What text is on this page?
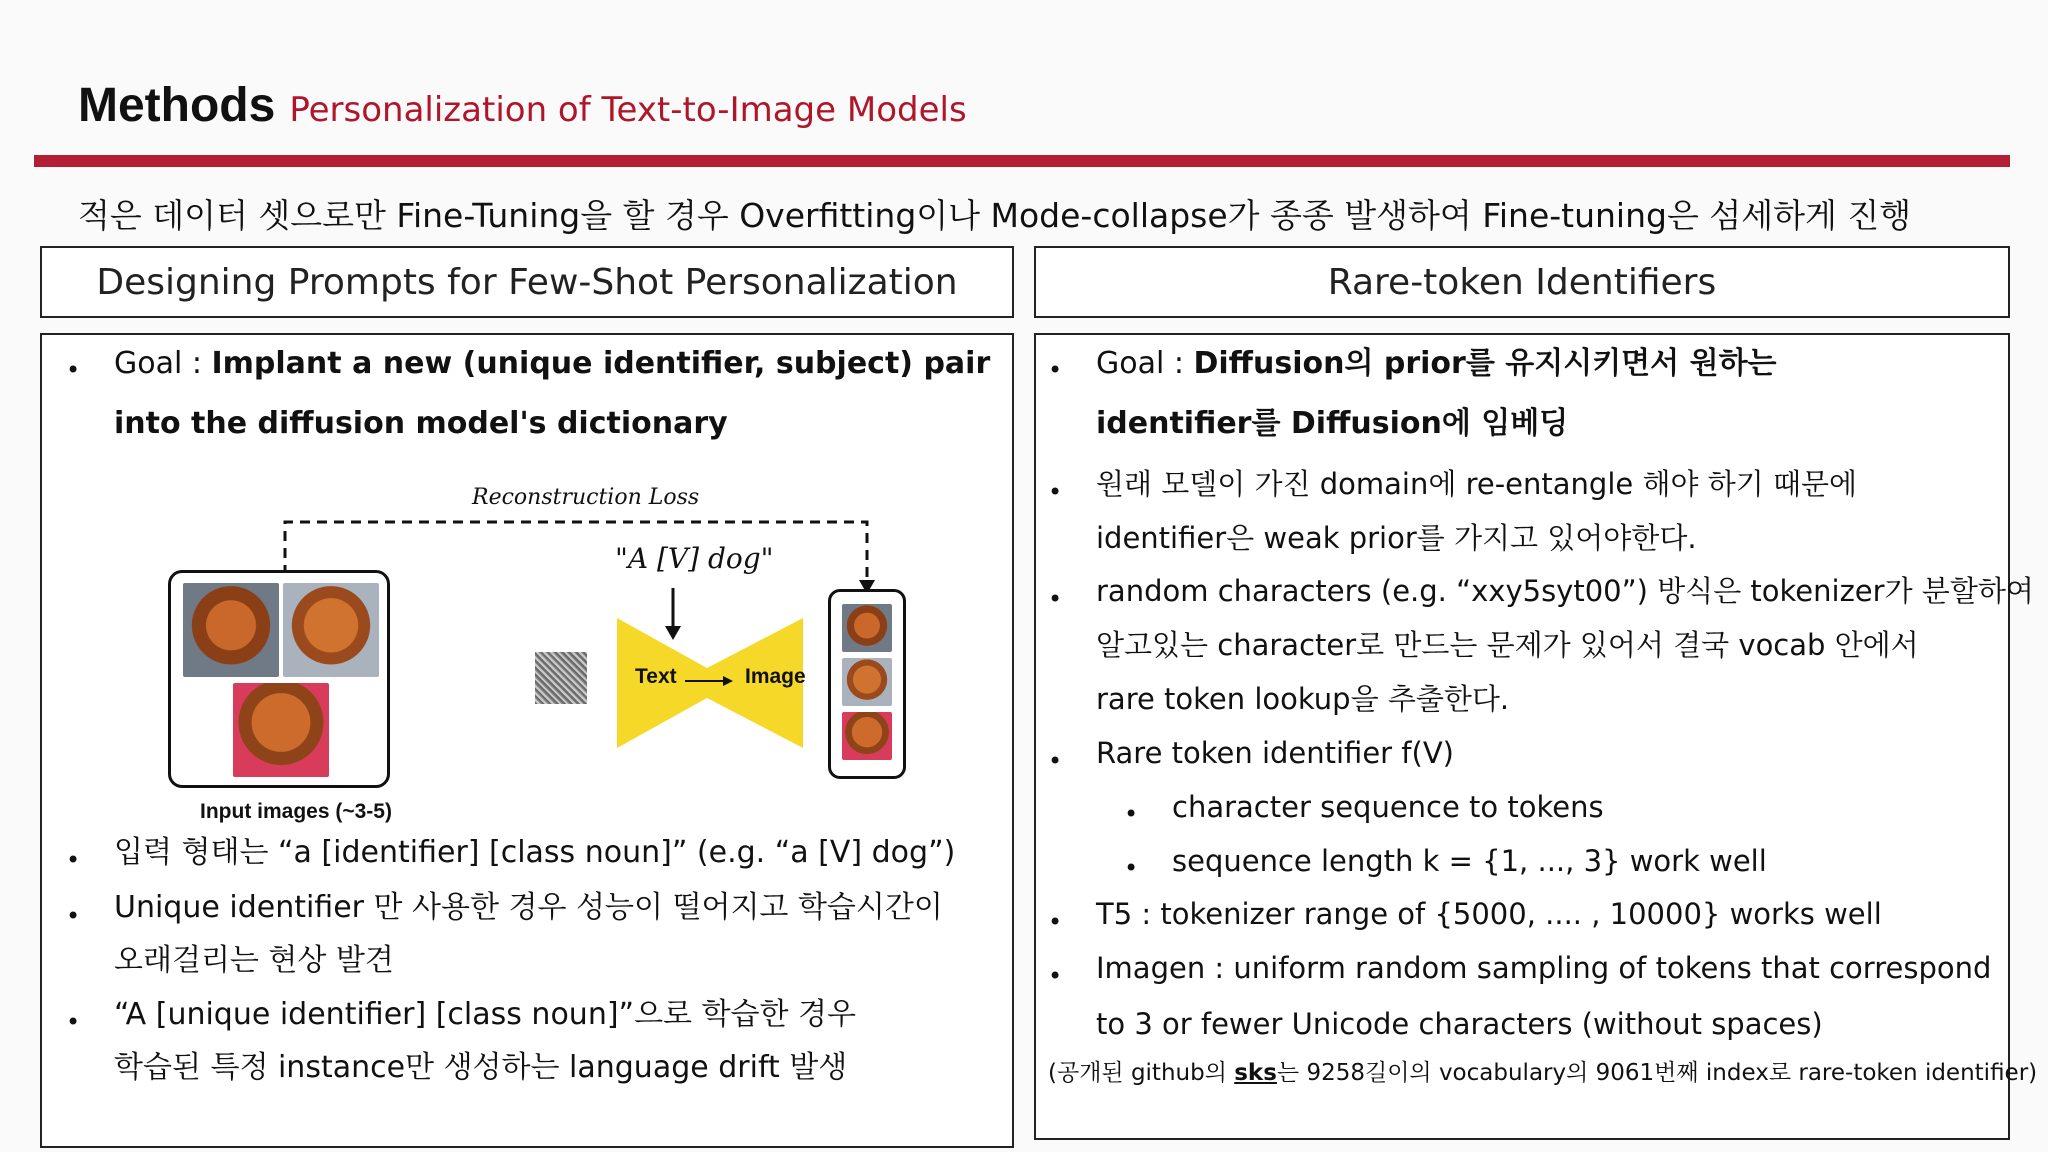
Methods Personalization of Text-to-Image Models
적은 데이터 셋으로만 Fine-Tuning을 할 경우 Overfitting이나 Mode-collapse가 종종 발생하여 Fine-tuning은 섬세하게 진행
Designing Prompts for Few-Shot Personalization	Rare-token Identifiers
• Goal : Implant a new (unique identifier, subject) pair
into the diffusion model's dictionary
Reconstruction Loss
"A [V] dog"
Input images (~3-5)
Text	Image
• 입력 형태는 “a [identifier] [class noun]” (e.g. “a [V] dog”)
• Unique identifier 만 사용한 경우 성능이 떨어지고 학습시간이
오래걸리는 현상 발견
• “A [unique identifier] [class noun]”으로 학습한 경우
학습된 특정 instance만 생성하는 language drift 발생
• Goal : Diffusion의 prior를 유지시키면서 원하는
identifier를 Diffusion에 임베딩
• 원래 모델이 가진 domain에 re-entangle 해야 하기 때문에
identifier은 weak prior를 가지고 있어야한다.
• random characters (e.g. “xxy5syt00”) 방식은 tokenizer가 분할하여
알고있는 character로 만드는 문제가 있어서 결국 vocab 안에서
rare token lookup을 추출한다.
• Rare token identifier f(V)
• character sequence to tokens
• sequence length k = {1, ..., 3} work well
• T5 : tokenizer range of {5000, .... , 10000} works well
• Imagen : uniform random sampling of tokens that correspond
to 3 or fewer Unicode characters (without spaces)
(공개된 github의 sks는 9258길이의 vocabulary의 9061번째 index로 rare-token identifier)
